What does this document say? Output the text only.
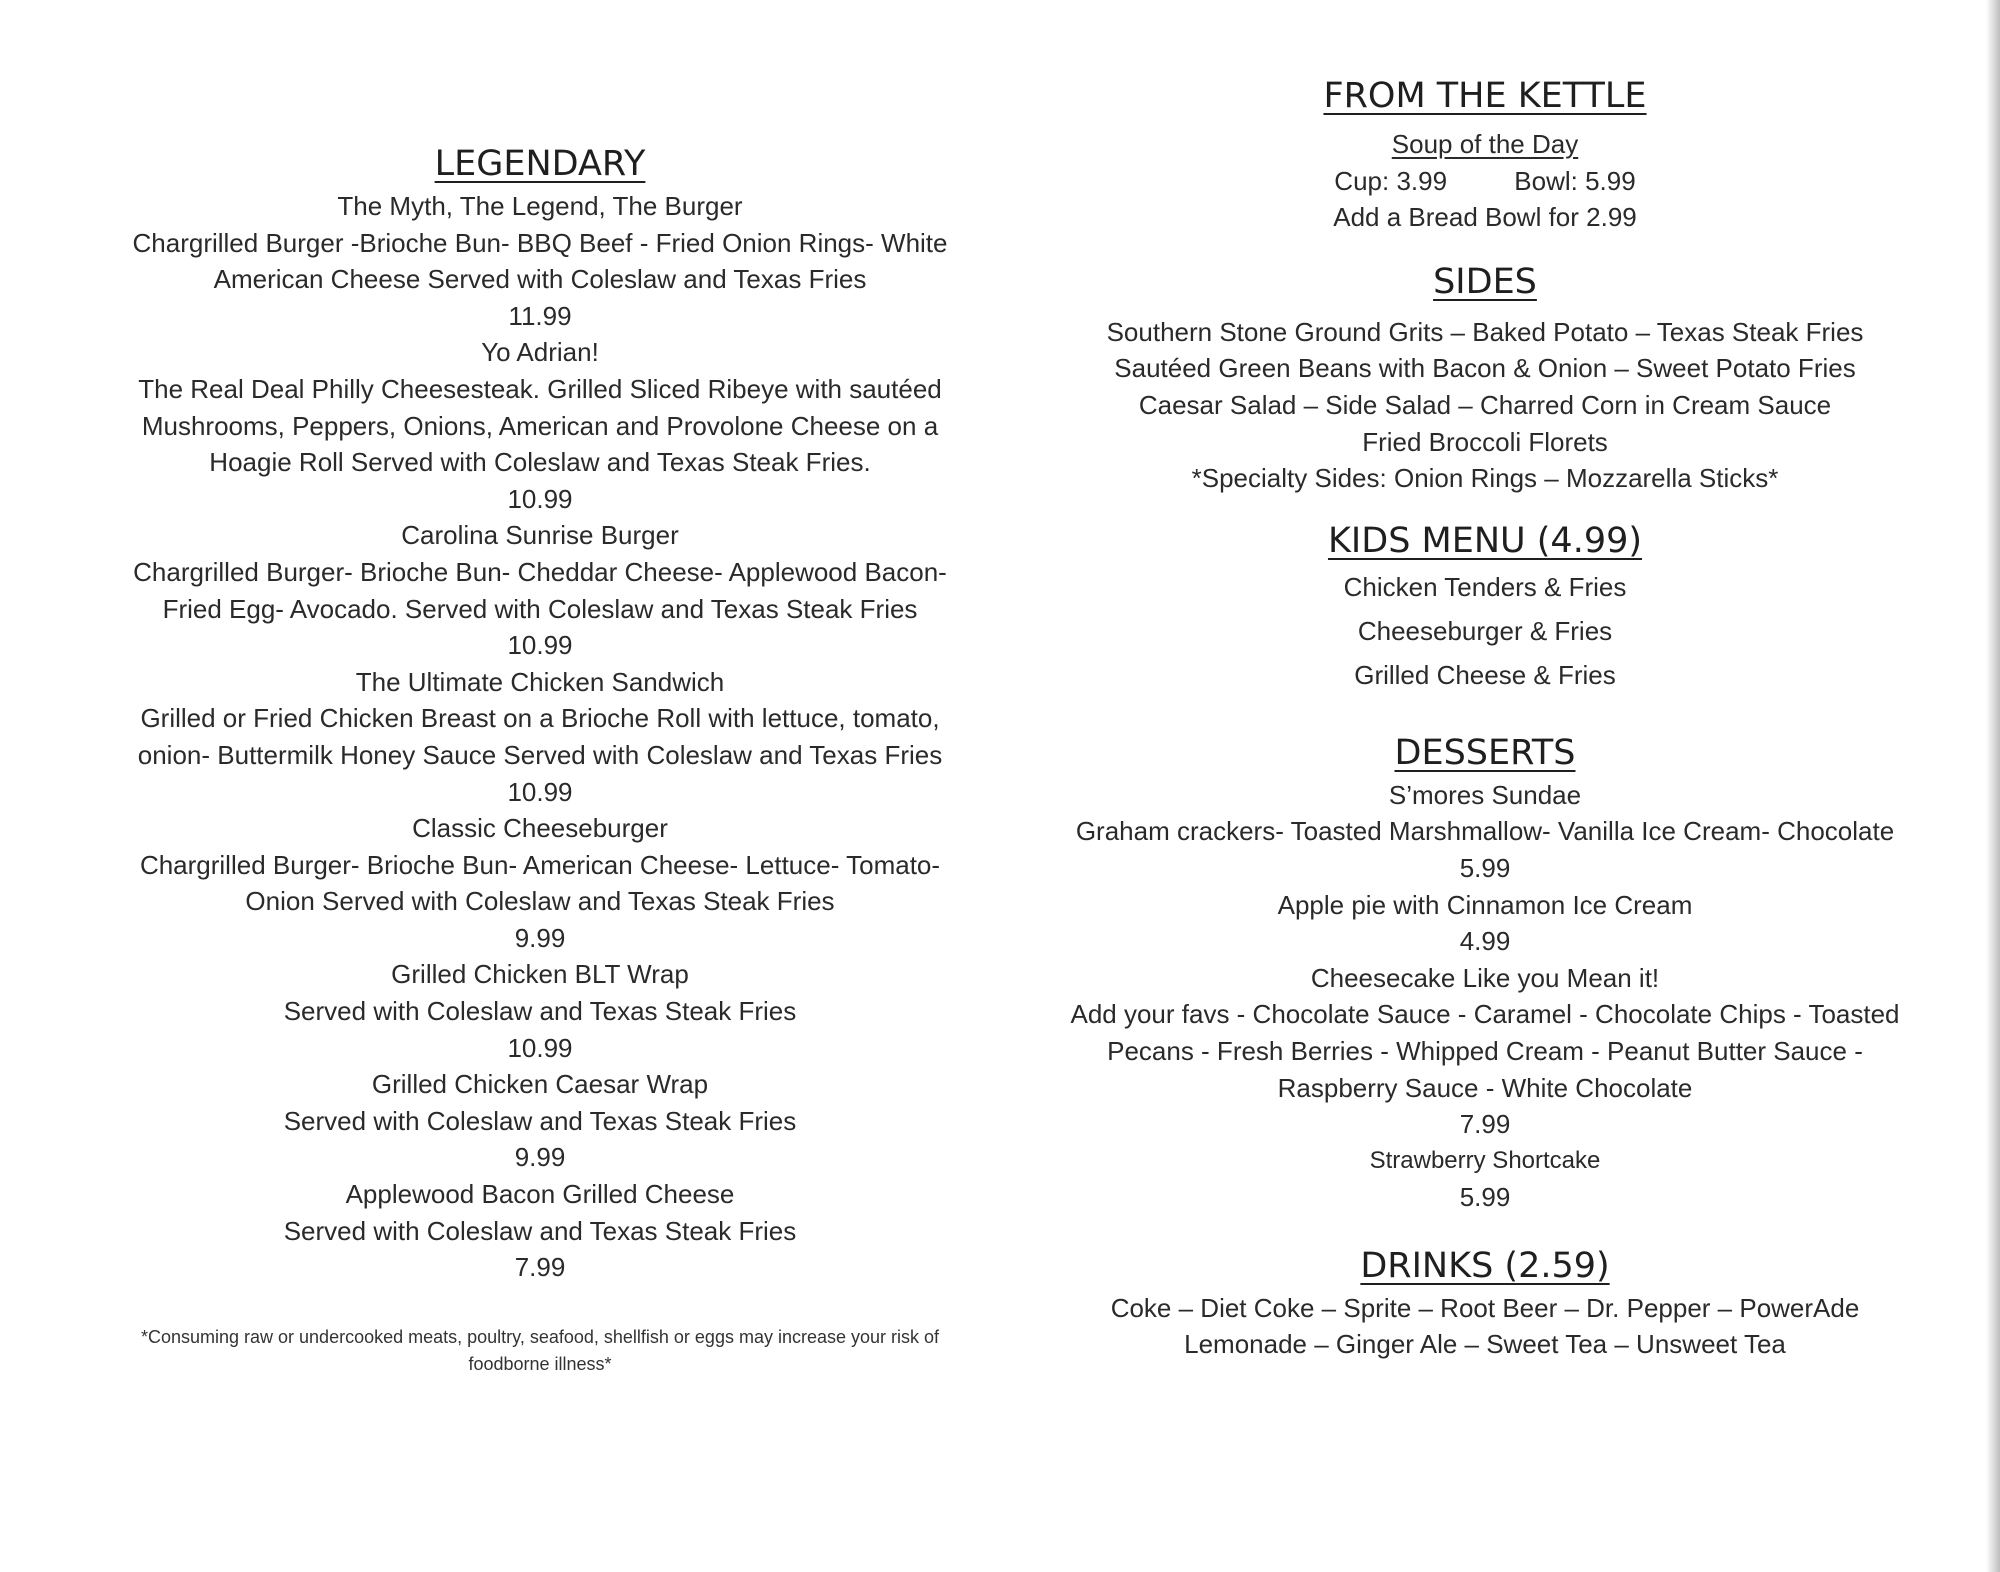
LEGENDARY
The Myth, The Legend, The Burger
Chargrilled Burger -Brioche Bun- BBQ Beef - Fried Onion Rings- White
American Cheese Served with Coleslaw and Texas Fries
11.99
Yo Adrian!
The Real Deal Philly Cheesesteak. Grilled Sliced Ribeye with sautéed
Mushrooms, Peppers, Onions, American and Provolone Cheese on a
Hoagie Roll Served with Coleslaw and Texas Steak Fries.
10.99
Carolina Sunrise Burger
Chargrilled Burger- Brioche Bun- Cheddar Cheese- Applewood Bacon-
Fried Egg- Avocado. Served with Coleslaw and Texas Steak Fries
10.99
The Ultimate Chicken Sandwich
Grilled or Fried Chicken Breast on a Brioche Roll with lettuce, tomato,
onion- Buttermilk Honey Sauce Served with Coleslaw and Texas Fries
10.99
Classic Cheeseburger
Chargrilled Burger- Brioche Bun- American Cheese- Lettuce- Tomato-
Onion Served with Coleslaw and Texas Steak Fries
9.99
Grilled Chicken BLT Wrap
Served with Coleslaw and Texas Steak Fries
10.99
Grilled Chicken Caesar Wrap
Served with Coleslaw and Texas Steak Fries
9.99
Applewood Bacon Grilled Cheese
Served with Coleslaw and Texas Steak Fries
7.99
*Consuming raw or undercooked meats, poultry, seafood, shellfish or eggs may increase your risk of
foodborne illness*
FROM THE KETTLE
Soup of the Day
Cup: 3.99	Bowl: 5.99
Add a Bread Bowl for 2.99
SIDES
Southern Stone Ground Grits – Baked Potato – Texas Steak Fries
Sautéed Green Beans with Bacon & Onion – Sweet Potato Fries
Caesar Salad – Side Salad – Charred Corn in Cream Sauce
Fried Broccoli Florets
*Specialty Sides: Onion Rings – Mozzarella Sticks*
KIDS MENU (4.99)
Chicken Tenders & Fries
Cheeseburger & Fries
Grilled Cheese & Fries
DESSERTS
S’mores Sundae
Graham crackers- Toasted Marshmallow- Vanilla Ice Cream- Chocolate
5.99
Apple pie with Cinnamon Ice Cream
4.99
Cheesecake Like you Mean it!
Add your favs - Chocolate Sauce - Caramel - Chocolate Chips - Toasted
Pecans - Fresh Berries - Whipped Cream - Peanut Butter Sauce -
Raspberry Sauce - White Chocolate
7.99
Strawberry Shortcake
5.99
DRINKS (2.59)
Coke – Diet Coke – Sprite – Root Beer – Dr. Pepper – PowerAde
Lemonade – Ginger Ale – Sweet Tea – Unsweet Tea
